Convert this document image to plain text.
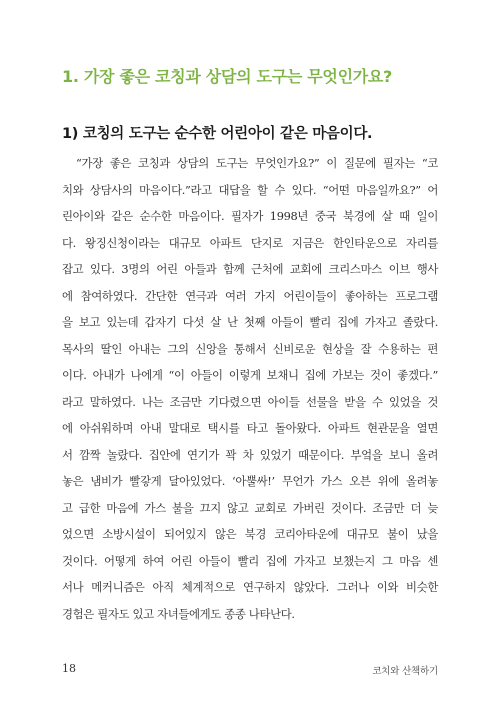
1. 가장 좋은 코칭과 상담의 도구는 무엇인가요?
1) 코칭의 도구는 순수한 어린아이 같은 마음이다.
“가장 좋은 코칭과 상담의 도구는 무엇인가요?” 이 질문에 필자는 “코
치와 상담사의 마음이다.”라고 대답을 할 수 있다. “어떤 마음일까요?” 어
린아이와 같은 순수한 마음이다. 필자가 1998년 중국 북경에 살 때 일이
다. 왕징신청이라는 대규모 아파트 단지로 지금은 한인타운으로 자리를
잡고 있다. 3명의 어린 아들과 함께 근처에 교회에 크리스마스 이브 행사
에 참여하였다. 간단한 연극과 여러 가지 어린이들이 좋아하는 프로그램
을 보고 있는데 갑자기 다섯 살 난 첫째 아들이 빨리 집에 가자고 졸랐다.
목사의 딸인 아내는 그의 신앙을 통해서 신비로운 현상을 잘 수용하는 편
이다. 아내가 나에게 “이 아들이 이렇게 보채니 집에 가보는 것이 좋겠다.”
라고 말하였다. 나는 조금만 기다렸으면 아이들 선물을 받을 수 있었을 것
에 아쉬워하며 아내 말대로 택시를 타고 돌아왔다. 아파트 현관문을 열면
서 깜짝 놀랐다. 집안에 연기가 꽉 차 있었기 때문이다. 부엌을 보니 올려
놓은 냄비가 빨갛게 달아있었다. ‘아뿔싸!’ 무언가 가스 오븐 위에 올려놓
고 급한 마음에 가스 불을 끄지 않고 교회로 가버린 것이다. 조금만 더 늦
었으면 소방시설이 되어있지 않은 북경 코리아타운에 대규모 불이 났을
것이다. 어떻게 하여 어린 아들이 빨리 집에 가자고 보챘는지 그 마음 센
서나 메커니즘은 아직 체계적으로 연구하지 않았다. 그러나 이와 비슷한
경험은 필자도 있고 자녀들에게도 종종 나타난다.
18	코치와 산책하기
